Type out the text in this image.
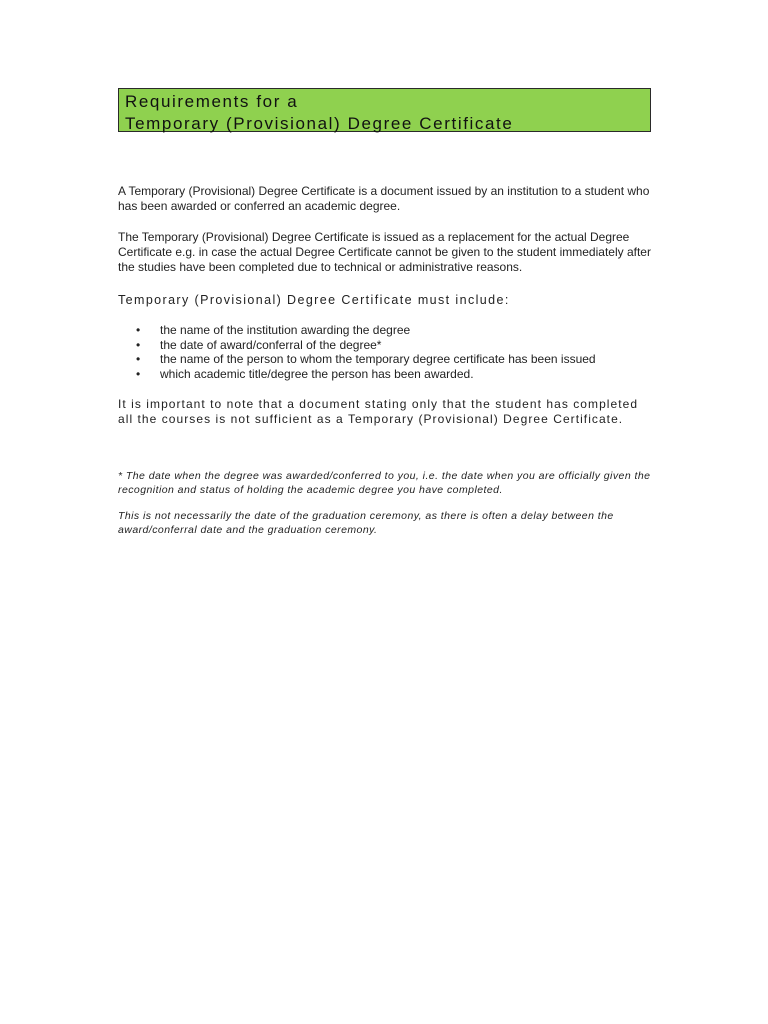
Requirements for a
Temporary (Provisional) Degree Certificate

A Temporary (Provisional) Degree Certificate is a document issued by an institution to a student who has been awarded or conferred an academic degree.

The Temporary (Provisional) Degree Certificate is issued as a replacement for the actual Degree Certificate e.g. in case the actual Degree Certificate cannot be given to the student immediately after the studies have been completed due to technical or administrative reasons.

Temporary (Provisional) Degree Certificate must include:
• the name of the institution awarding the degree
• the date of award/conferral of the degree*
• the name of the person to whom the temporary degree certificate has been issued
• which academic title/degree the person has been awarded.
It is important to note that a document stating only that the student has completed all the courses is not sufficient as a Temporary (Provisional) Degree Certificate.

* The date when the degree was awarded/conferred to you, i.e. the date when you are officially given the recognition and status of holding the academic degree you have completed.

This is not necessarily the date of the graduation ceremony, as there is often a delay between the award/conferral date and the graduation ceremony.
